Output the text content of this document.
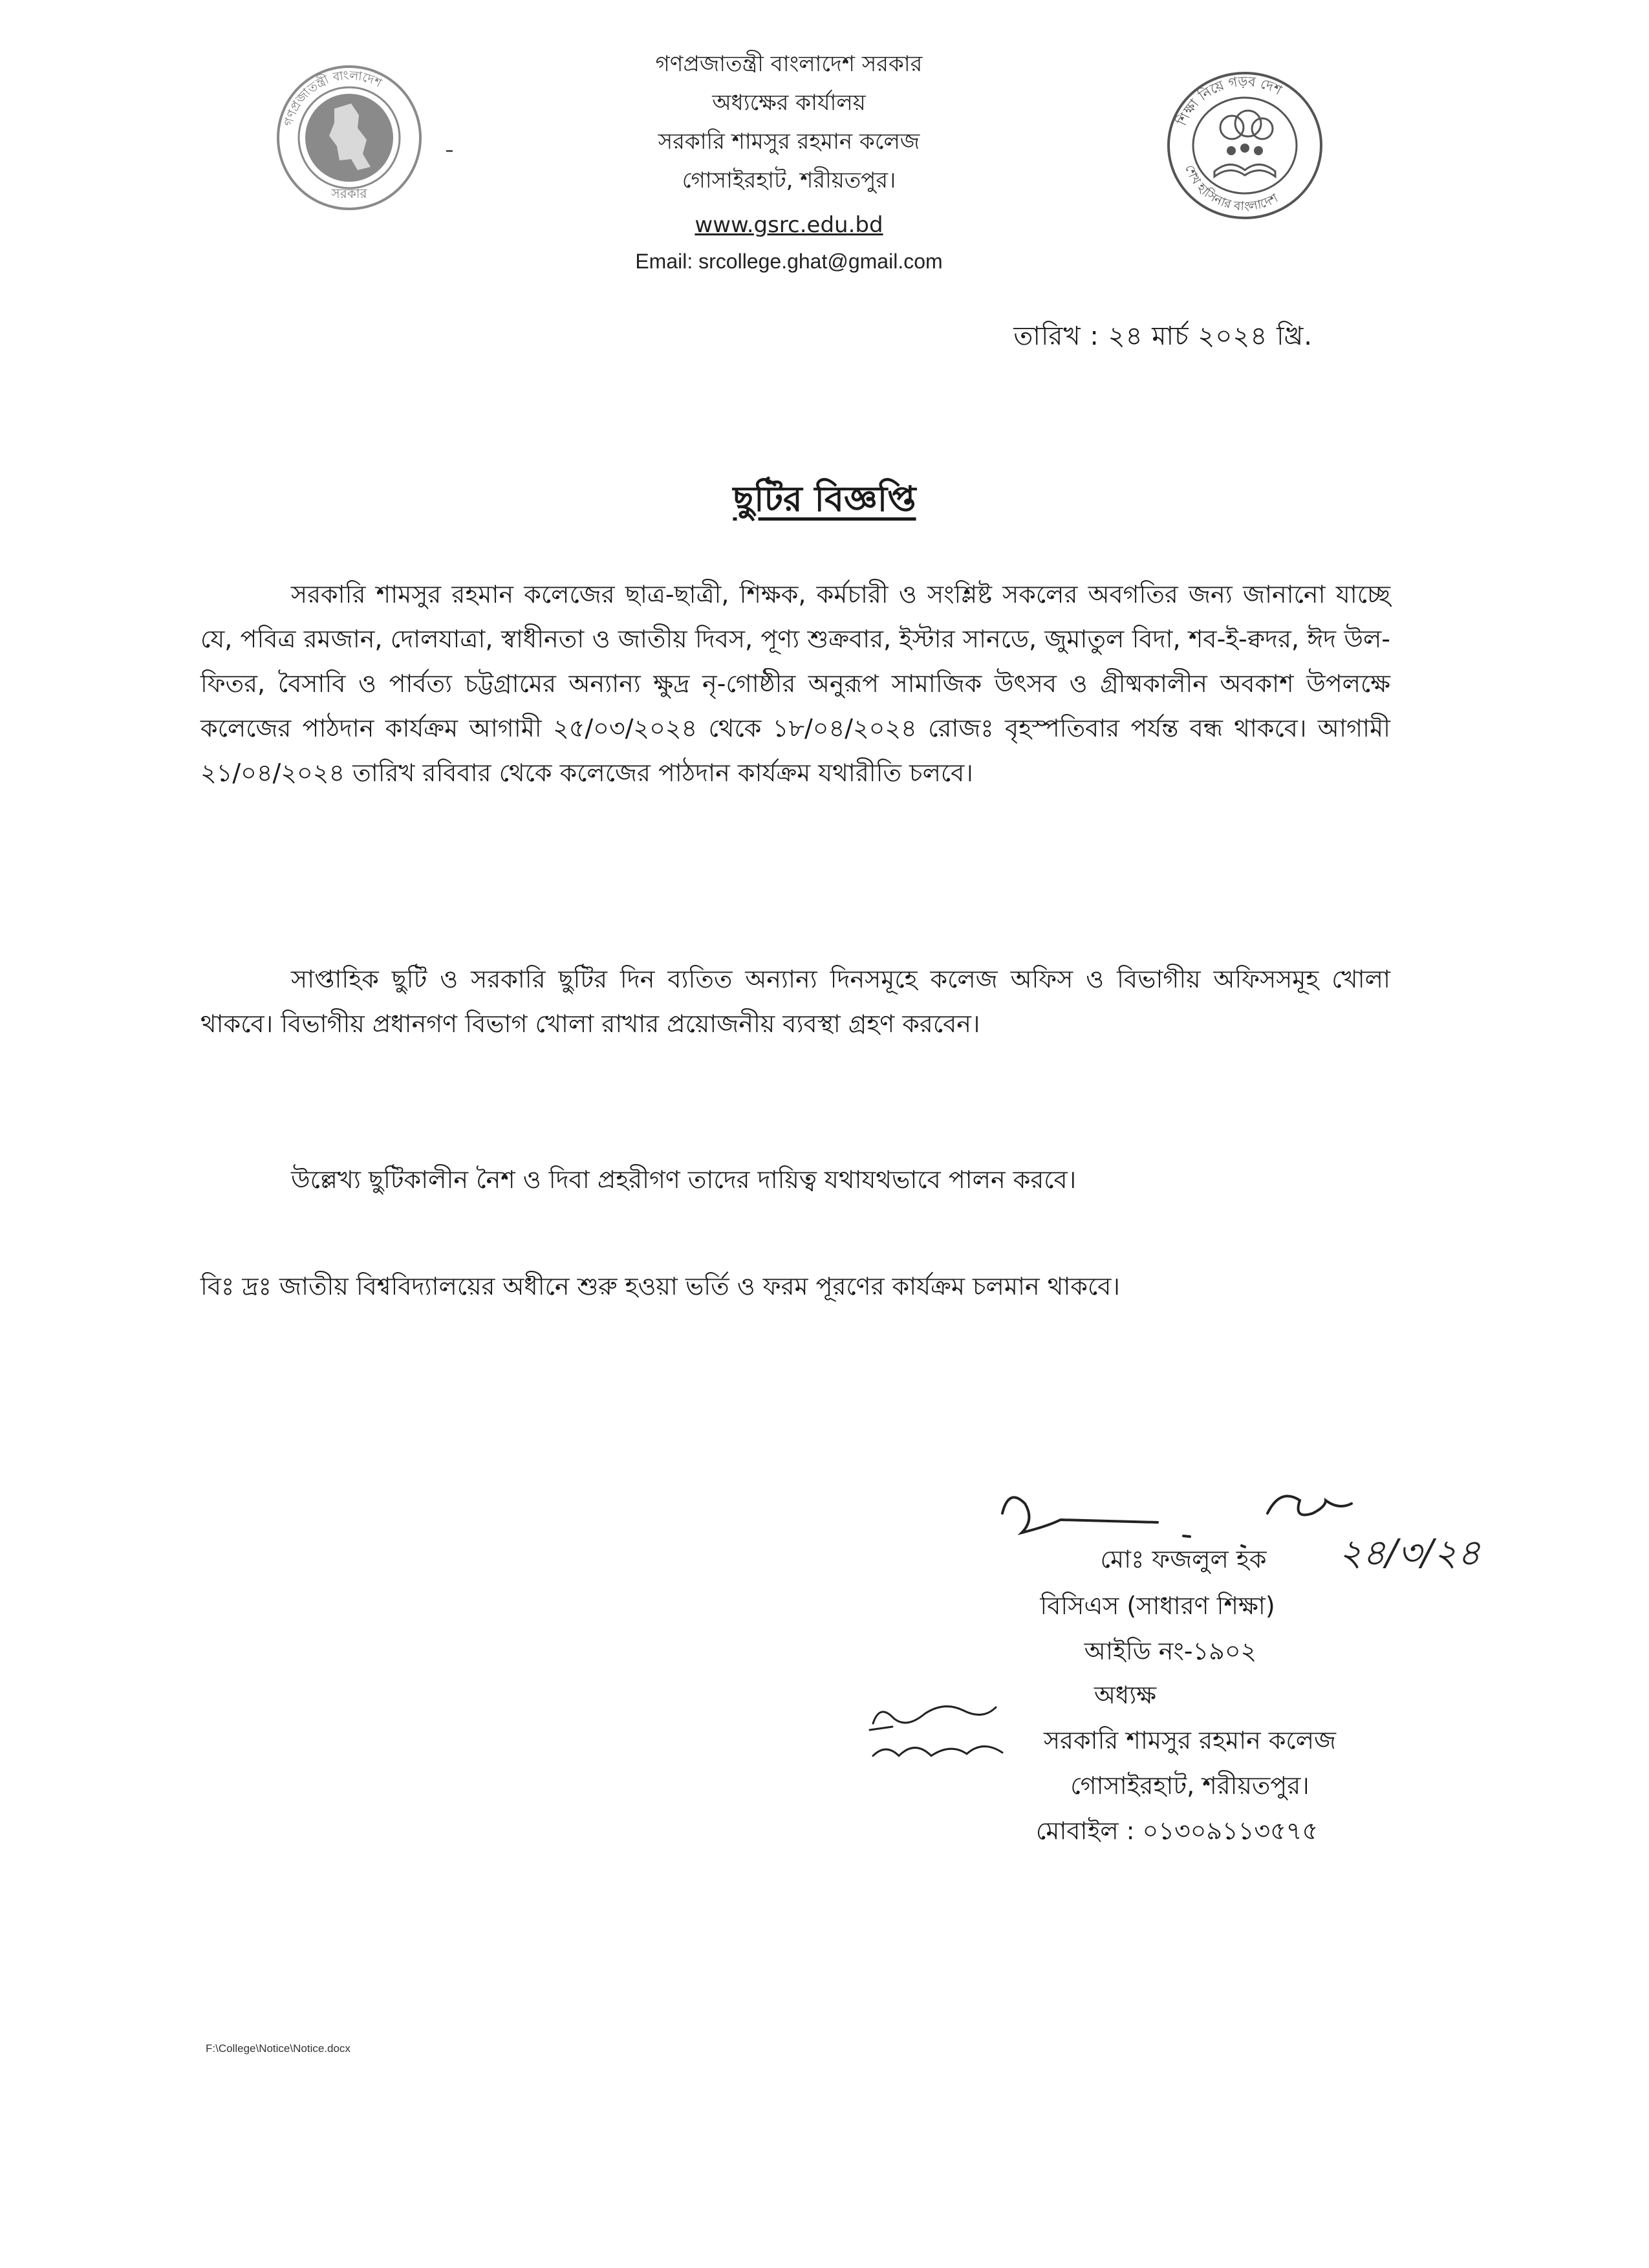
গণপ্রজাতন্ত্রী বাংলাদেশ
সরকার
গণপ্রজাতন্ত্রী বাংলাদেশ সরকার
অধ্যক্ষের কার্যালয়
সরকারি শামসুর রহমান কলেজ
গোসাইরহাট, শরীয়তপুর।
www.gsrc.edu.bd
Email: srcollege.ghat@gmail.com
শিক্ষা নিয়ে গড়ব দেশ
শেখ হাসিনার বাংলাদেশ
তারিখ : ২৪ মার্চ ২০২৪ খ্রি.
ছুটির বিজ্ঞপ্তি
সরকারি শামসুর রহমান কলেজের ছাত্র-ছাত্রী, শিক্ষক, কর্মচারী ও সংশ্লিষ্ট সকলের অবগতির জন্য জানানো যাচ্ছে যে, পবিত্র রমজান, দোলযাত্রা, স্বাধীনতা ও জাতীয় দিবস, পূণ্য শুক্রবার, ইস্টার সানডে, জুমাতুল বিদা, শব-ই-ক্বদর, ঈদ উল-ফিতর, বৈসাবি ও পার্বত্য চট্টগ্রামের অন্যান্য ক্ষুদ্র নৃ-গোষ্ঠীর অনুরূপ সামাজিক উৎসব ও গ্রীষ্মকালীন অবকাশ উপলক্ষে কলেজের পাঠদান কার্যক্রম আগামী ২৫/০৩/২০২৪ থেকে ১৮/০৪/২০২৪ রোজঃ বৃহস্পতিবার পর্যন্ত বন্ধ থাকবে। আগামী ২১/০৪/২০২৪ তারিখ রবিবার থেকে কলেজের পাঠদান কার্যক্রম যথারীতি চলবে।
সাপ্তাহিক ছুটি ও সরকারি ছুটির দিন ব্যতিত অন্যান্য দিনসমূহে কলেজ অফিস ও বিভাগীয় অফিসসমূহ খোলা থাকবে। বিভাগীয় প্রধানগণ বিভাগ খোলা রাখার প্রয়োজনীয় ব্যবস্থা গ্রহণ করবেন।
উল্লেখ্য ছুটিকালীন নৈশ ও দিবা প্রহরীগণ তাদের দায়িত্ব যথাযথভাবে পালন করবে।
বিঃ দ্রঃ জাতীয় বিশ্ববিদ্যালয়ের অধীনে শুরু হওয়া ভর্তি ও ফরম পূরণের কার্যক্রম চলমান থাকবে।
২৪/৩/২৪
মোঃ ফজলুল হক
বিসিএস (সাধারণ শিক্ষা)
আইডি নং-১৯০২
অধ্যক্ষ
সরকারি শামসুর রহমান কলেজ
গোসাইরহাট, শরীয়তপুর।
মোবাইল : ০১৩০৯১১৩৫৭৫
F:\College\Notice\Notice.docx
